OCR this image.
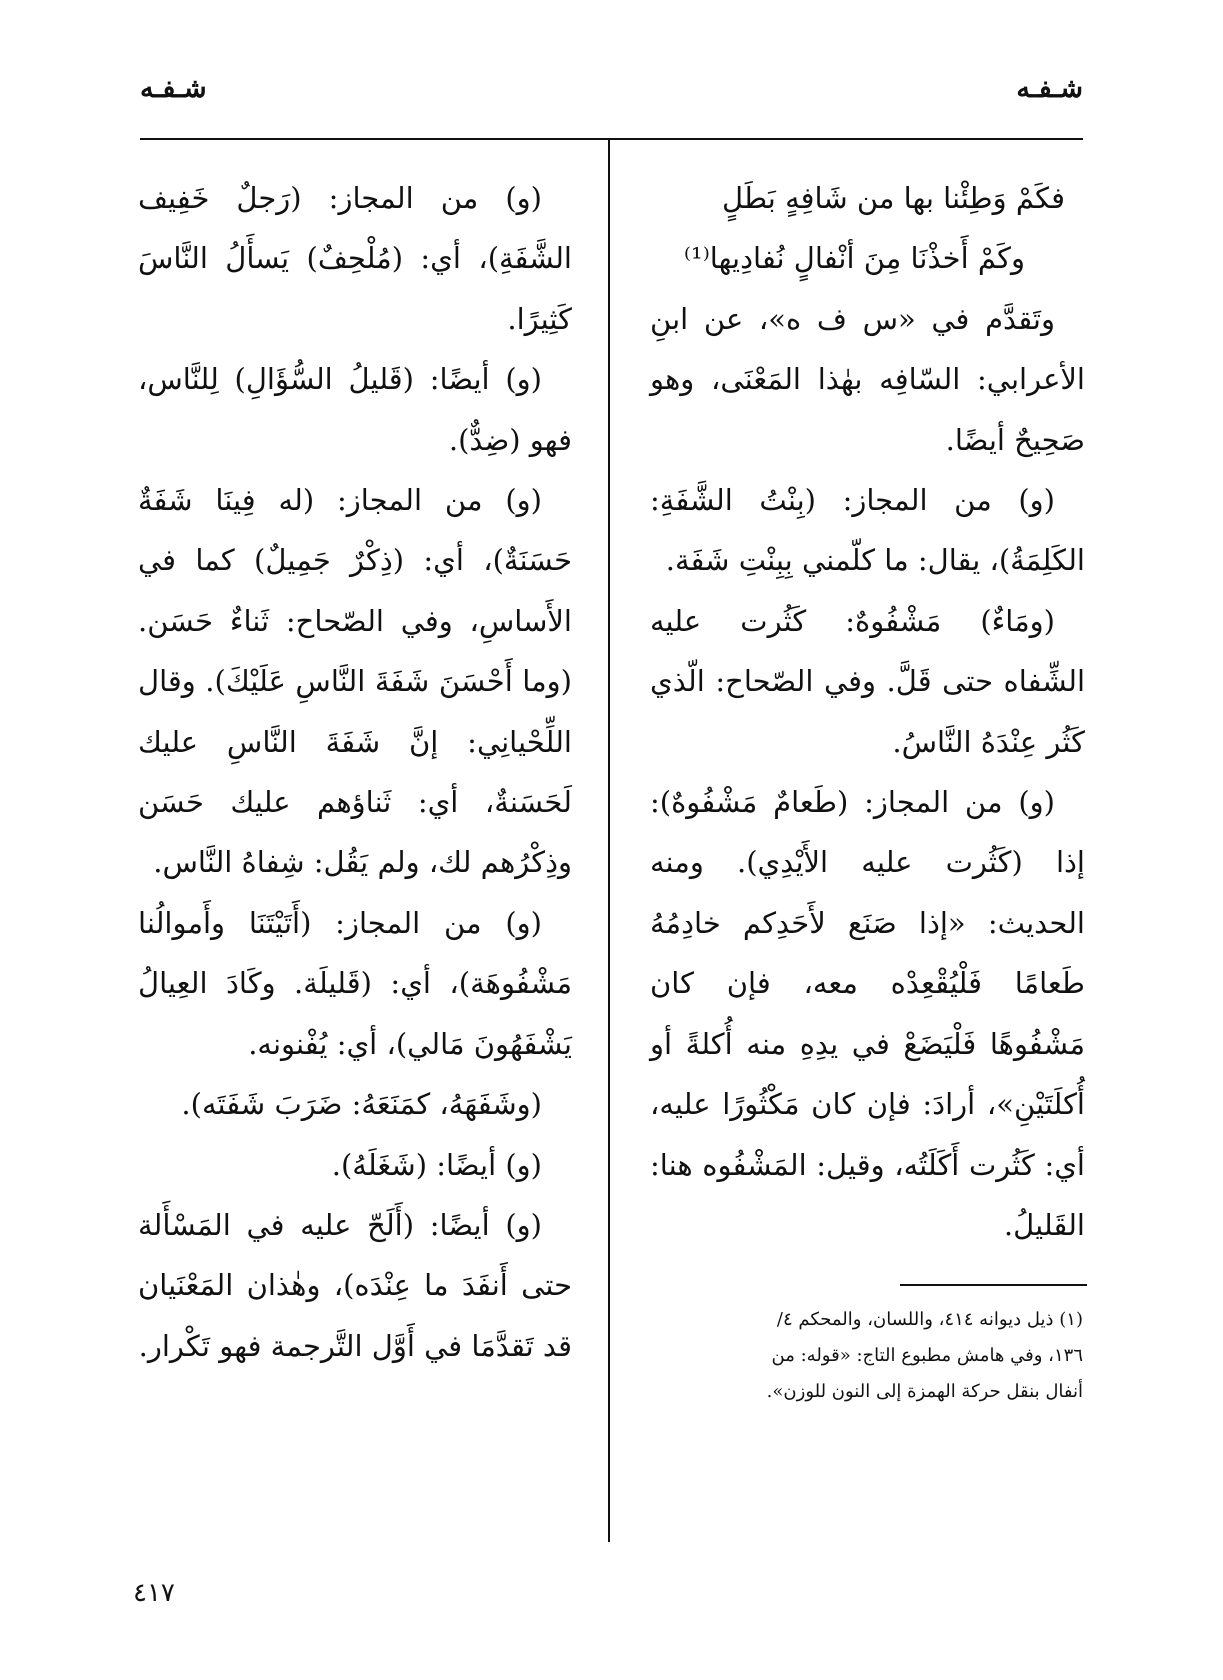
شـفـه
شـفـه

فكَمْ وَطِئْنا بها من شَافِهٍ بَطَلٍ

وكَمْ أَخذْنَا مِنَ أنْفالٍ نُفادِيها⁽¹⁾

وتَقدَّم في «س ف ه»، عن ابنِ الأعرابي: السّافِه بهٰذا المَعْنَى، وهو صَحِيحٌ أيضًا.

(و) من المجاز: (بِنْتُ الشَّفَةِ: الكَلِمَةُ)، يقال: ما كلّمني بِبِنْتِ شَفَة.

(ومَاءٌ) مَشْفُوهٌ: كَثُرت عليه الشِّفاه حتى قَلَّ. وفي الصّحاح: الّذي كَثُر عِنْدَهُ النَّاسُ.

(و) من المجاز: (طَعامٌ مَشْفُوهٌ): إذا (كَثُرت عليه الأَيْدِي). ومنه الحديث: «إذا صَنَع لأَحَدِكم خادِمُهُ طَعامًا فَلْيُقْعِدْه معه، فإن كان مَشْفُوهًا فَلْيَضَعْ في يدِهِ منه أُكلةً أو أُكلَتَيْنِ»، أرادَ: فإن كان مَكْثُورًا عليه، أي: كَثُرت أَكَلَتُه، وقيل: المَشْفُوه هنا: القَليلُ.

(و) من المجاز: (رَجلٌ خَفِيف الشَّفَةِ)، أي: (مُلْحِفٌ) يَسأَلُ النَّاسَ كَثِيرًا.

(و) أيضًا: (قَليلُ السُّؤَالِ) لِلنَّاس، فهو (ضِدٌّ).

(و) من المجاز: (له فِينَا شَفَةٌ حَسَنَةٌ)، أي: (ذِكْرٌ جَمِيلٌ) كما في الأَساسِ، وفي الصّحاح: ثَناءٌ حَسَن. (وما أَحْسَنَ شَفَةَ النَّاسِ عَلَيْكَ). وقال اللِّحْيانِي: إنَّ شَفَةَ النَّاسِ عليك لَحَسَنةٌ، أي: ثَناؤهم عليك حَسَن وذِكْرُهم لك، ولم يَقُل: شِفاهُ النَّاس.

(و) من المجاز: (أَتَيْتَنَا وأَموالُنا مَشْفُوهَة)، أي: (قَليلَة. وكَادَ العِيالُ يَشْفَهُونَ مَالي)، أي: يُفْنونه.

(وشَفَهَهُ، كمَنَعَهُ: ضَرَبَ شَفَتَه).

(و) أيضًا: (شَغَلَهُ).

(و) أيضًا: (أَلَحّ عليه في المَسْأَلة حتى أَنفَدَ ما عِنْدَه)، وهٰذان المَعْنَيان قد تَقدَّمَا في أَوَّل التَّرجمة فهو تَكْرار.

(١) ذيل ديوانه ٤١٤، واللسان، والمحكم ٤/

١٣٦، وفي هامش مطبوع التاج: «قوله: من

أنفال بنقل حركة الهمزة إلى النون للوزن».

٤١٧
